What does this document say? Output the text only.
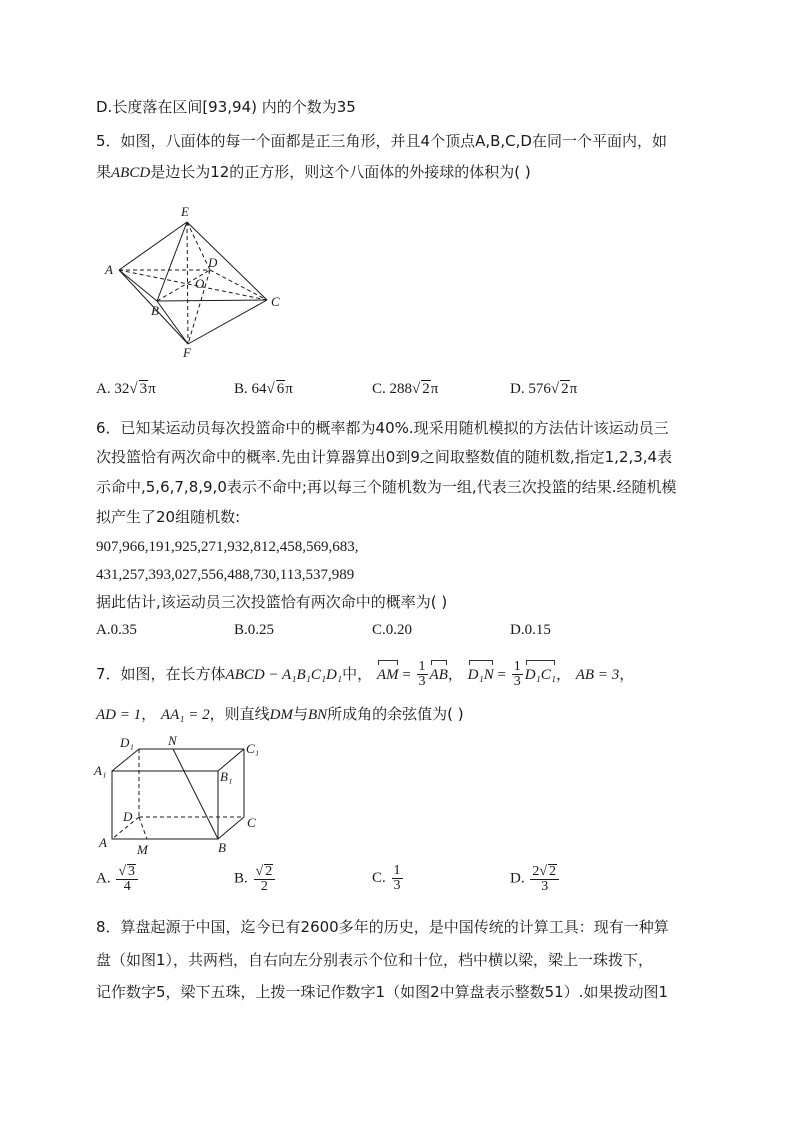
D.长度落在区间[93,94) 内的个数为35
5．如图，八面体的每一个面都是正三角形，并且4个顶点A,B,C,D在同一个平面内，如
果ABCD是边长为12的正方形，则这个八面体的外接球的体积为( )
E
A	D
O
B
C
F
A. 32√ 3π	B. 64√ 6π	C. 288√ 2π	D. 576√ 2π
6．已知某运动员每次投篮命中的概率都为40%.现采用随机模拟的方法估计该运动员三
次投篮恰有两次命中的概率.先由计算器算出0到9之间取整数值的随机数,指定1,2,3,4表
示命中,5,6,7,8,9,0表示不命中;再以每三个随机数为一组,代表三次投篮的结果.经随机模
拟产生了20组随机数:
907,966,191,925,271,932,812,458,569,683,
431,257,393,027,556,488,730,113,537,989
据此估计,该运动员三次投篮恰有两次命中的概率为( )
A.0.35	B.0.25	C.0.20	D.0.15
7．如图，在长方体ABCD − A₁B₁C₁D₁中， AM = $\frac{1}{3}$ AB， $D_1N = \frac{1}{3} D_1C_1$， AB = 3，
AD = 1， AA₁ = 2，则直线DM与BN所成角的余弦值为( )
D₁	N
C₁
A₁	B₁
D	C
A M	B
A. $\frac{√ 3}{4}$	B. $\frac{√ 2}{2}$	C. $\frac{1}{3}$	D. $\frac{2√ 2}{3}$
8．算盘起源于中国，迄今已有2600多年的历史，是中国传统的计算工具：现有一种算
盘（如图1），共两档，自右向左分别表示个位和十位，档中横以梁，梁上一珠拨下，
记作数字5，梁下五珠，上拨一珠记作数字1（如图2中算盘表示整数51）.如果拨动图1
